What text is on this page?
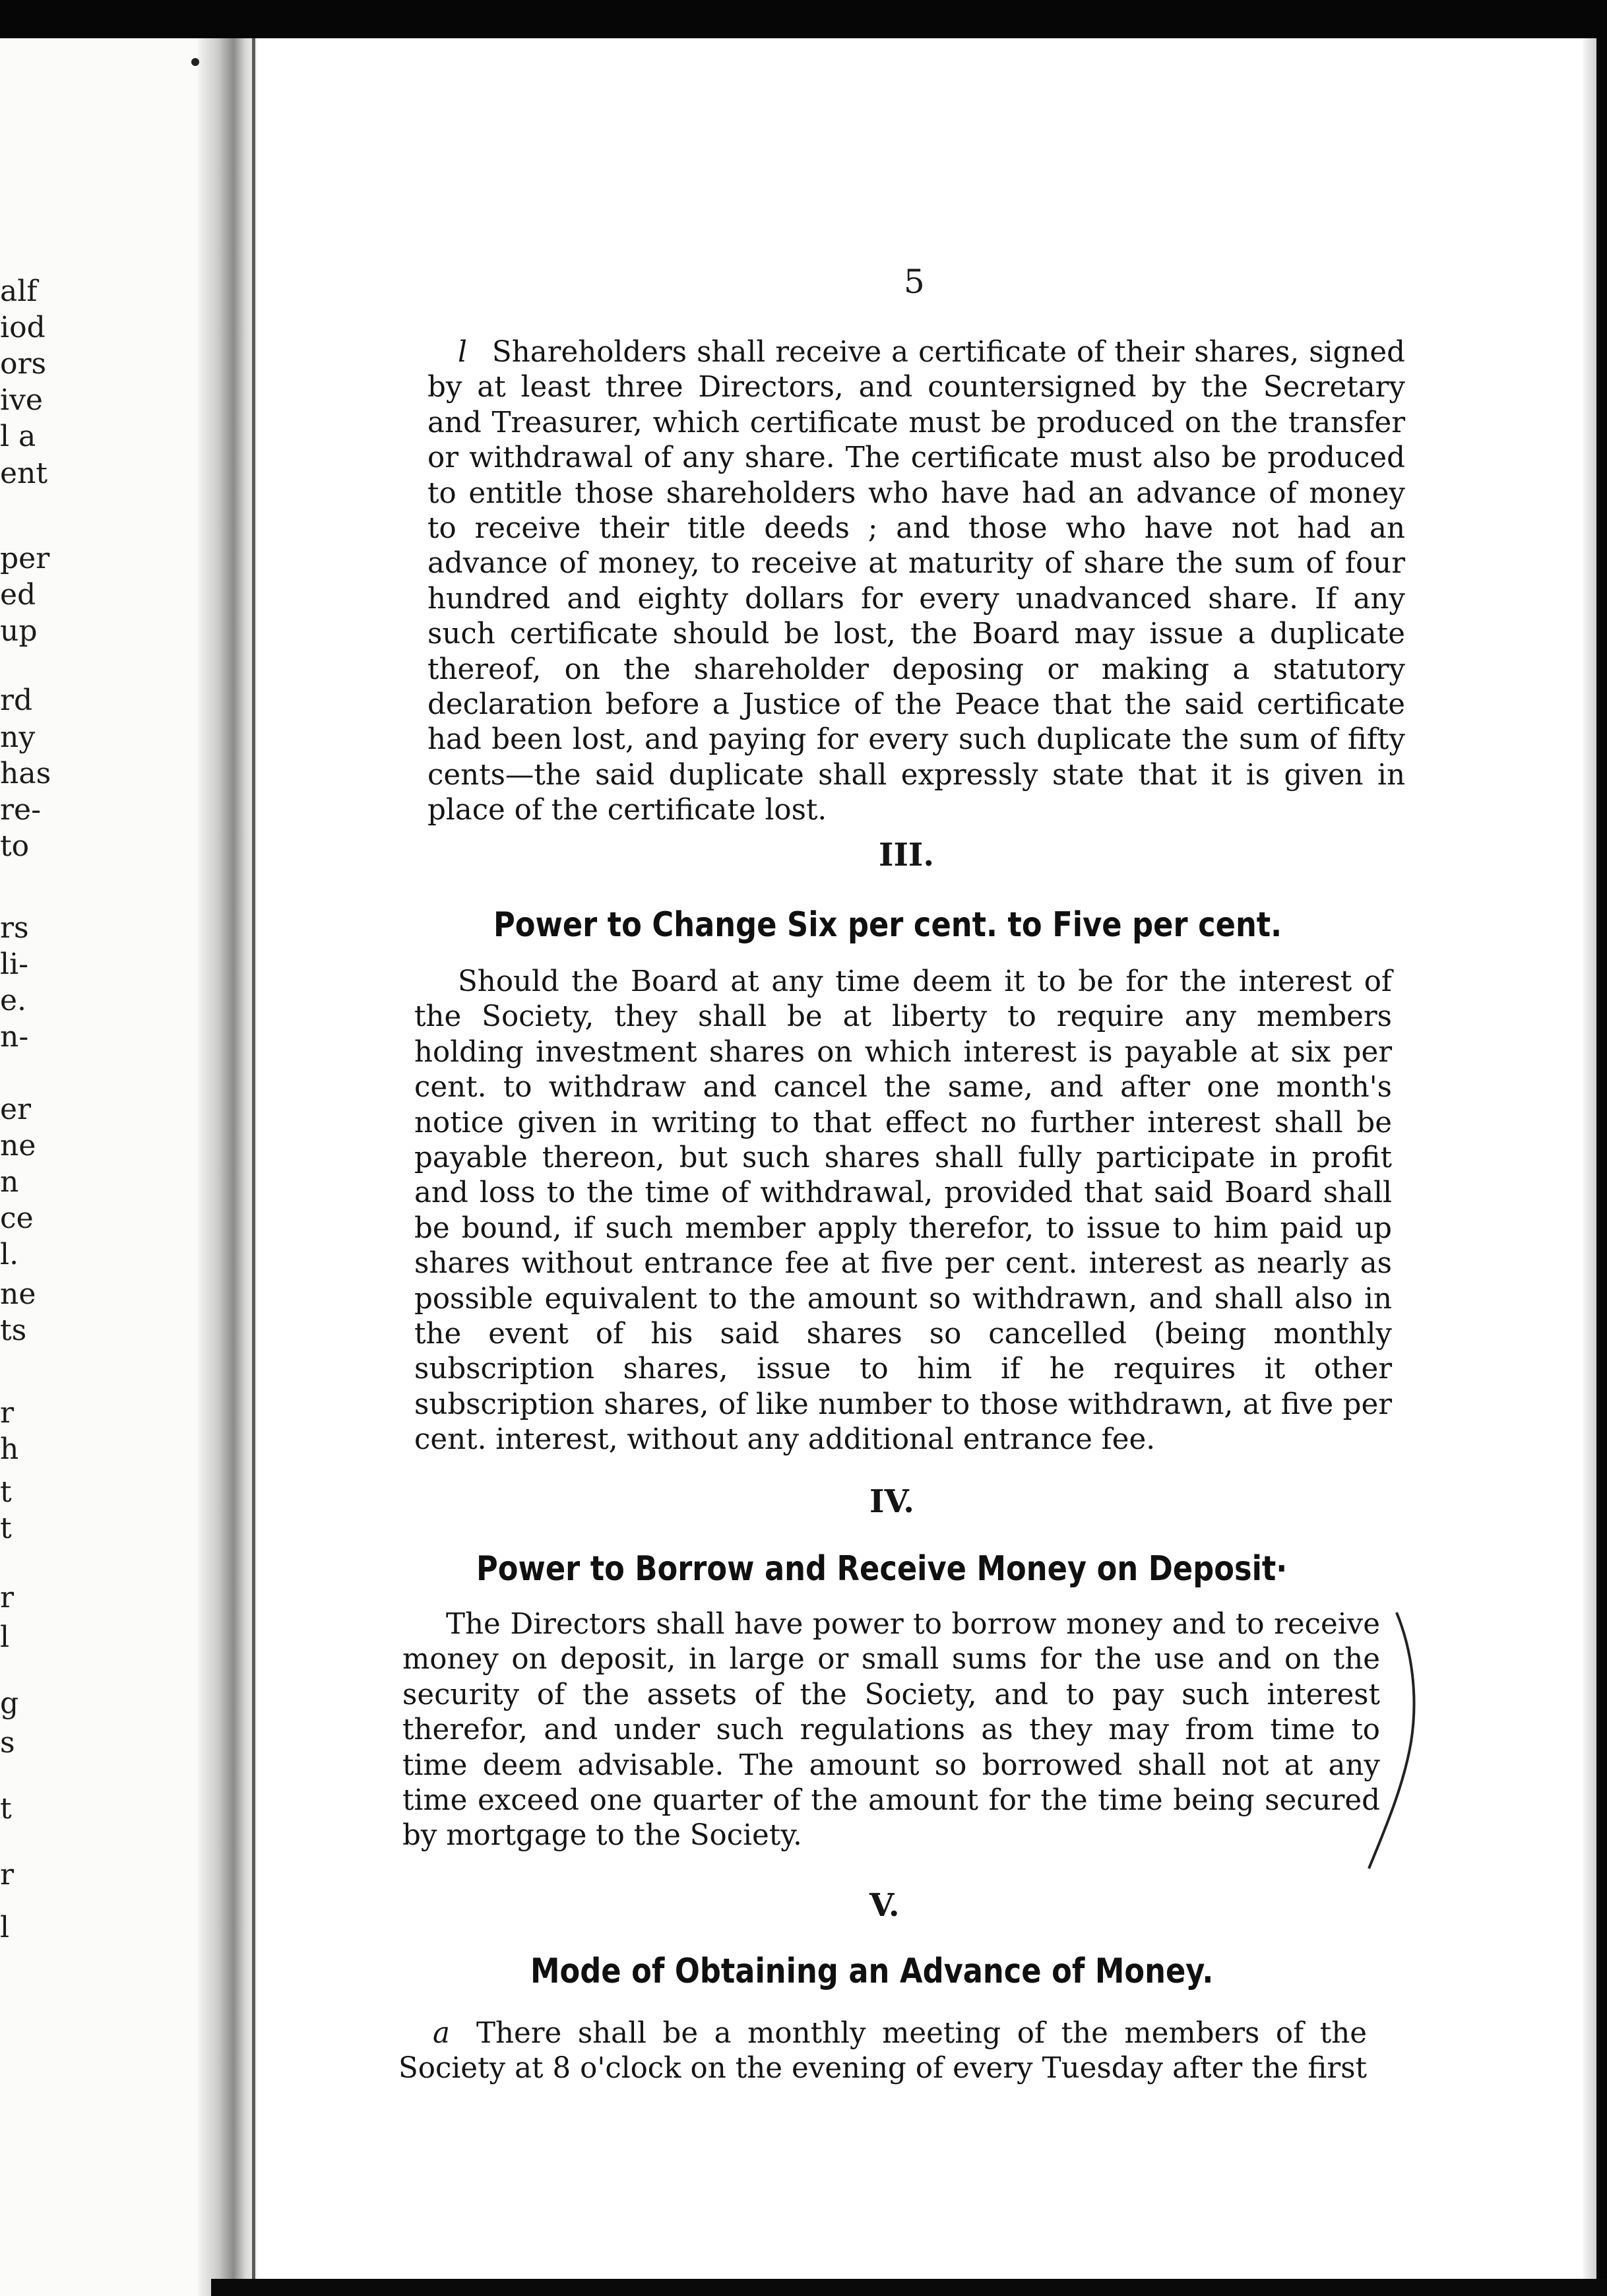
alf
iod
ors
ive
l a
ent
per
ed
up
rd
ny
has
re-
to
rs
li-
e.
n-
er
ne
n
ce
l.
ne
ts
r
h
t
t
r
l
g
s
t
r
l
5
l Shareholders shall receive a certificate of their shares, signed by at least three Directors, and countersigned by the Secretary and Treasurer, which certificate must be produced on the transfer or withdrawal of any share. The certificate must also be produced to entitle those shareholders who have had an advance of money to receive their title deeds ; and those who have not had an advance of money, to receive at maturity of share the sum of four hundred and eighty dollars for every unadvanced share. If any such certificate should be lost, the Board may issue a duplicate thereof, on the shareholder deposing or making a statutory declaration before a Justice of the Peace that the said certificate had been lost, and paying for every such duplicate the sum of fifty cents—the said duplicate shall expressly state that it is given in place of the certificate lost.
III.
Power to Change Six per cent. to Five per cent.
Should the Board at any time deem it to be for the interest of the Society, they shall be at liberty to require any members holding investment shares on which interest is payable at six per cent. to withdraw and cancel the same, and after one month's notice given in writing to that effect no further interest shall be payable thereon, but such shares shall fully participate in profit and loss to the time of withdrawal, provided that said Board shall be bound, if such member apply therefor, to issue to him paid up shares without entrance fee at five per cent. interest as nearly as possible equivalent to the amount so withdrawn, and shall also in the event of his said shares so cancelled (being monthly subscription shares, issue to him if he requires it other subscription shares, of like number to those withdrawn, at five per cent. interest, without any additional entrance fee.
IV.
Power to Borrow and Receive Money on Deposit·
The Directors shall have power to borrow money and to receive money on deposit, in large or small sums for the use and on the security of the assets of the Society, and to pay such interest therefor, and under such regulations as they may from time to time deem advisable. The amount so borrowed shall not at any time exceed one quarter of the amount for the time being secured by mortgage to the Society.
V.
Mode of Obtaining an Advance of Money.
a There shall be a monthly meeting of the members of the Society at 8 o'clock on the evening of every Tuesday after the first
